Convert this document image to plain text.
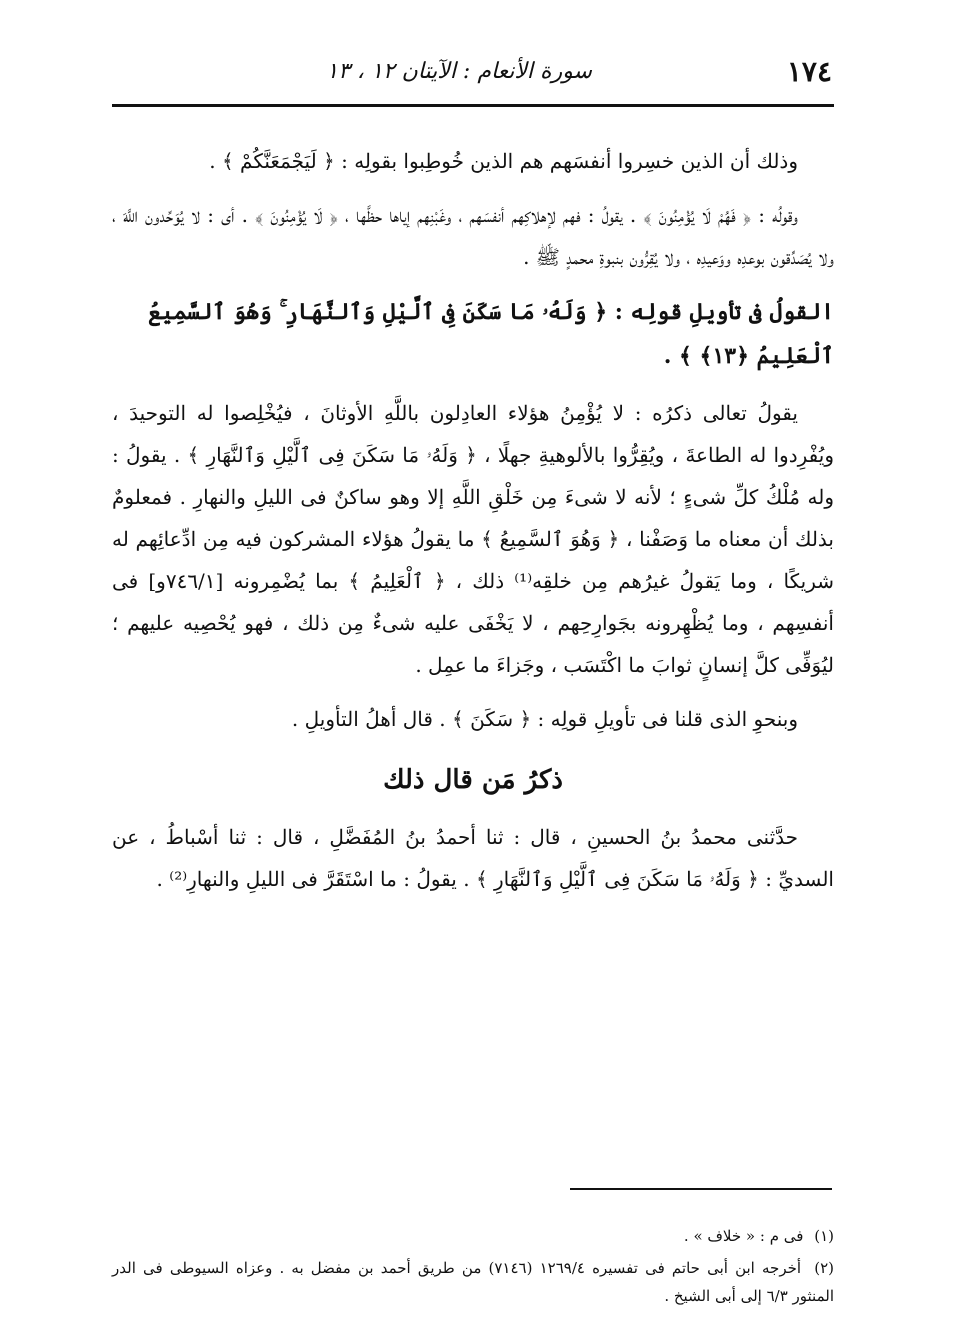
١٧٤
سورة الأنعام : الآيتان ١٢ ، ١٣

وذلك أن الذين خسِروا أنفسَهم هم الذين خُوطِبوا بقولِه : ﴿ لَيَجْمَعَنَّكُمْ ﴾ .

وقولُه : ﴿ فَهُمْ لَا يُؤْمِنُونَ ﴾ . يقولُ : فهم لإهلاكِهم أنفسَهم ، وغَبْنِهم إياها حظَّها ، ﴿ لَا يُؤْمِنُونَ ﴾ . أى : لا يُوَحِّدون اللَّهَ ، ولا يُصَدِّقون بوعدِه ووَعيدِه ، ولا يُقِرُّون بنبوةِ محمدٍ ﷺ .

القولُ فى تأويلِ قولِه : ﴿ وَلَهُۥ مَا سَكَنَ فِى ٱلَّيْلِ وَٱلنَّهَارِ ۚ وَهُوَ ٱلسَّمِيعُ ٱلْعَلِيمُ ﴿١٣﴾ ﴾ .

يقولُ تعالى ذكرُه : لا يُؤْمِنُ هؤلاء العادِلون باللَّهِ الأوثانَ ، فيُخْلِصوا له التوحيدَ ، ويُفْرِدوا له الطاعةَ ، ويُقِرُّوا بالألوهيةِ جهلًا ، ﴿ وَلَهُۥ مَا سَكَنَ فِى ٱلَّيْلِ وَٱلنَّهَارِ ﴾ . يقولُ : وله مُلْكُ كلِّ شىءٍ ؛ لأنه لا شىءَ مِن خَلْقِ اللَّهِ إلا وهو ساكنٌ فى الليلِ والنهارِ . فمعلومٌ بذلك أن معناه ما وَصَفْنا ، ﴿ وَهُوَ ٱلسَّمِيعُ ﴾ ما يقولُ هؤلاء المشركون فيه مِن ادِّعائِهم له شريكًا ، وما يَقولُ غيرُهم مِن خلقِه⁽¹⁾ ذلك ، ﴿ ٱلْعَلِيمُ ﴾ بما يُضْمِرونه [٧٤٦/١و] فى أنفسِهم ، وما يُظْهِرونه بجَوارِحِهم ، لا يَخْفَى عليه شىءٌ مِن ذلك ، فهو يُحْصِيه عليهم ؛ ليُوَفِّى كلَّ إنسانٍ ثوابَ ما اكْتَسَب ، وجَزاءَ ما عمِل .

وبنحوِ الذى قلنا فى تأويلِ قولِه : ﴿ سَكَنَ ﴾ . قال أهلُ التأويلِ .

ذكرُ مَن قال ذلك

حدَّثنى محمدُ بنُ الحسينِ ، قال : ثنا أحمدُ بنُ المُفَضَّلِ ، قال : ثنا أسْباطُ ، عن السديِّ : ﴿ وَلَهُۥ مَا سَكَنَ فِى ٱلَّيْلِ وَٱلنَّهَارِ ﴾ . يقولُ : ما اسْتَقَرَّ فى الليلِ والنهارِ⁽²⁾ .

(١) فى م : « خلاف » .

(٢) أخرجه ابن أبى حاتم فى تفسيره ١٢٦٩/٤ (٧١٤٦) من طريق أحمد بن مفضل به . وعزاه السيوطى فى الدر المنثور ٦/٣ إلى أبى الشيخ .
